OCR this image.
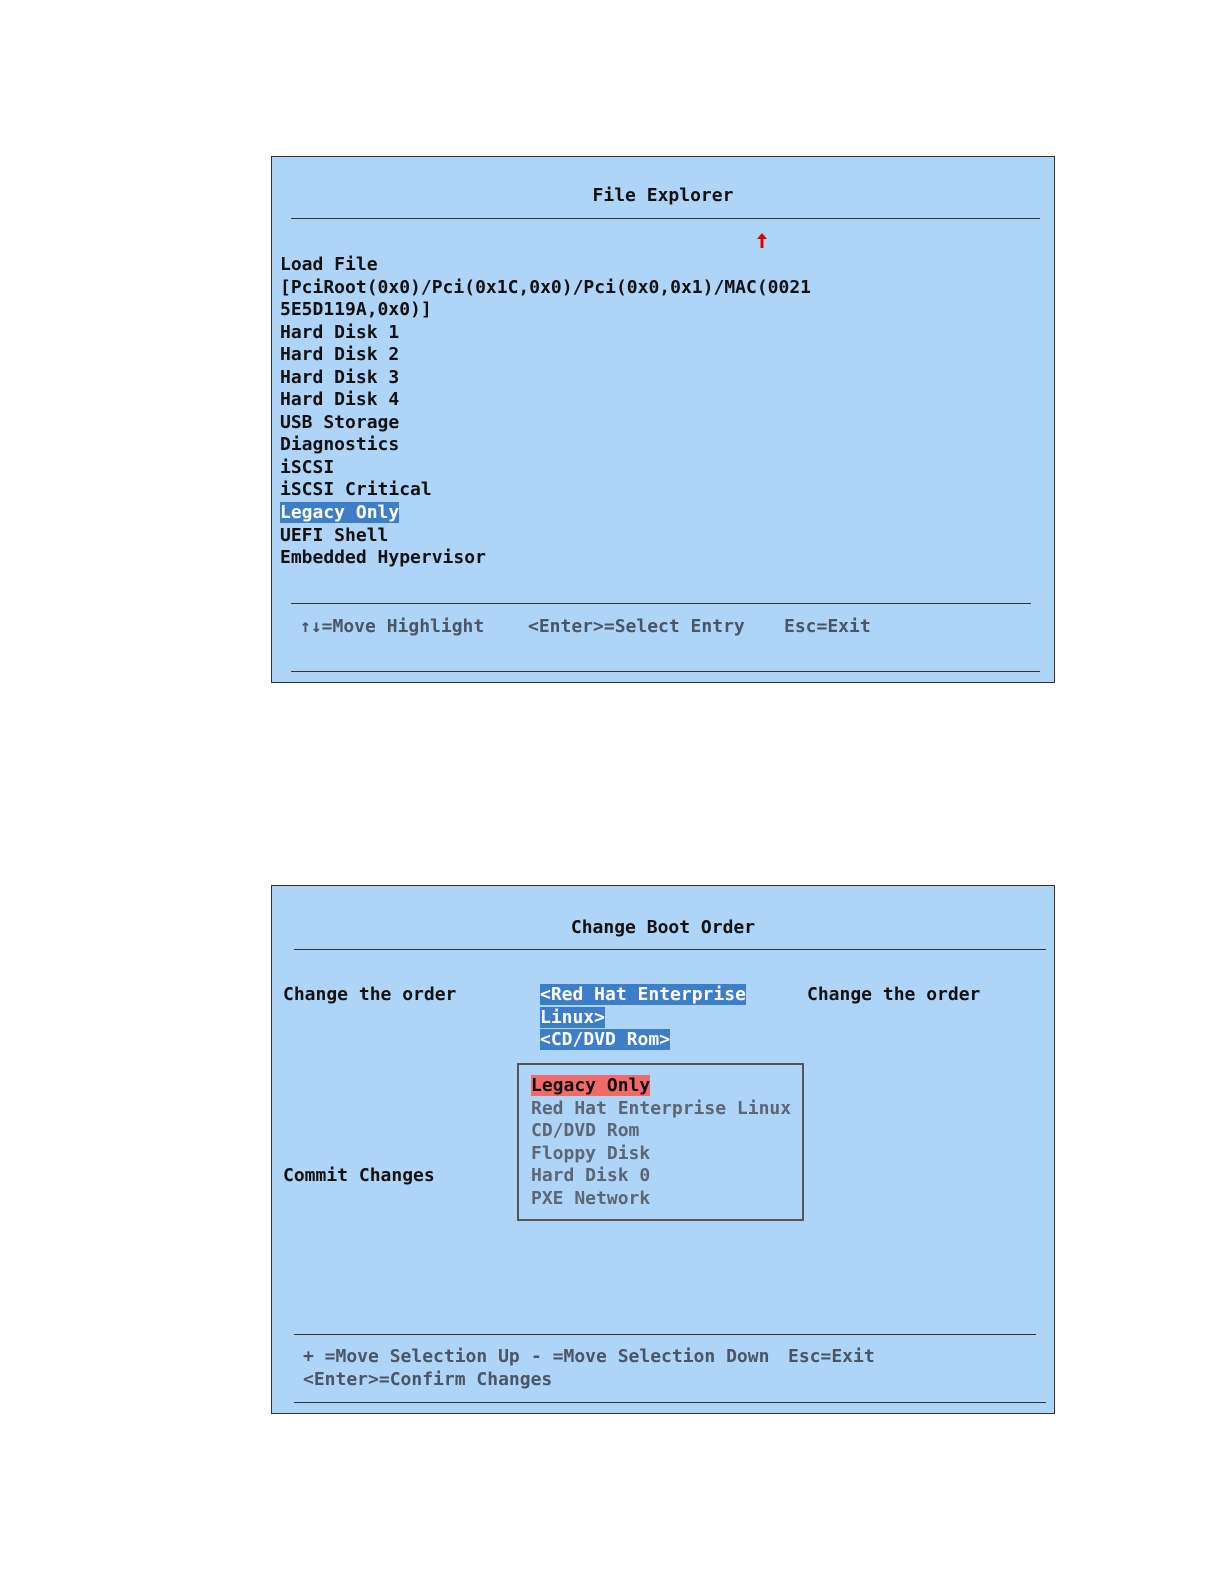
File Explorer
Load File
[PciRoot(0x0)/Pci(0x1C,0x0)/Pci(0x0,0x1)/MAC(0021
5E5D119A,0x0)]
Hard Disk 1
Hard Disk 2
Hard Disk 3
Hard Disk 4
USB Storage
Diagnostics
iSCSI
iSCSI Critical
Legacy Only
UEFI Shell
Embedded Hypervisor
↑↓=Move Highlight <Enter>=Select Entry Esc=Exit
Change Boot Order
Change the order	Change the order
<Red Hat Enterprise
Linux>
<CD/DVD Rom>
Legacy Only
Red Hat Enterprise Linux
CD/DVD Rom
Floppy Disk
Hard Disk 0
PXE Network
Commit Changes
+ =Move Selection Up - =Move Selection Down Esc=Exit
<Enter>=Confirm Changes
